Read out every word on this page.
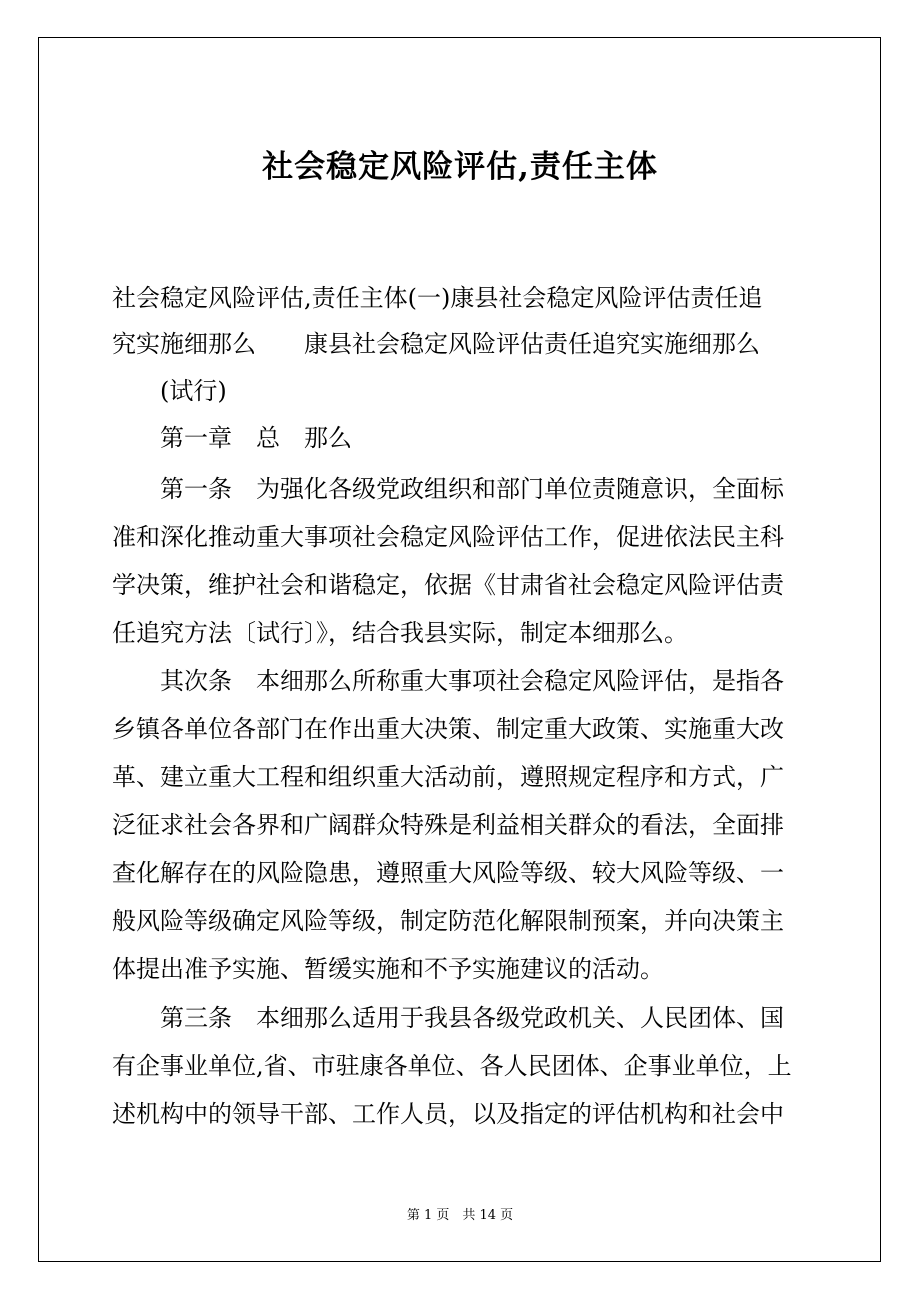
社会稳定风险评估,责任主体
社会稳定风险评估,责任主体(一)康县社会稳定风险评估责任追
究实施细那么 康县社会稳定风险评估责任追究实施细那么
(试行)
第一章　总　那么
第一条　为强化各级党政组织和部门单位责随意识，全面标
准和深化推动重大事项社会稳定风险评估工作，促进依法民主科
学决策，维护社会和谐稳定，依据《甘肃省社会稳定风险评估责
任追究方法〔试行〕》，结合我县实际，制定本细那么。
其次条　本细那么所称重大事项社会稳定风险评估，是指各
乡镇各单位各部门在作出重大决策、制定重大政策、实施重大改
革、建立重大工程和组织重大活动前，遵照规定程序和方式，广
泛征求社会各界和广阔群众特殊是利益相关群众的看法，全面排
查化解存在的风险隐患，遵照重大风险等级、较大风险等级、一
般风险等级确定风险等级，制定防范化解限制预案，并向决策主
体提出准予实施、暂缓实施和不予实施建议的活动。
第三条　本细那么适用于我县各级党政机关、人民团体、国
有企事业单位,省、市驻康各单位、各人民团体、企事业单位，上
述机构中的领导干部、工作人员，以及指定的评估机构和社会中
第 1 页　共 14 页
